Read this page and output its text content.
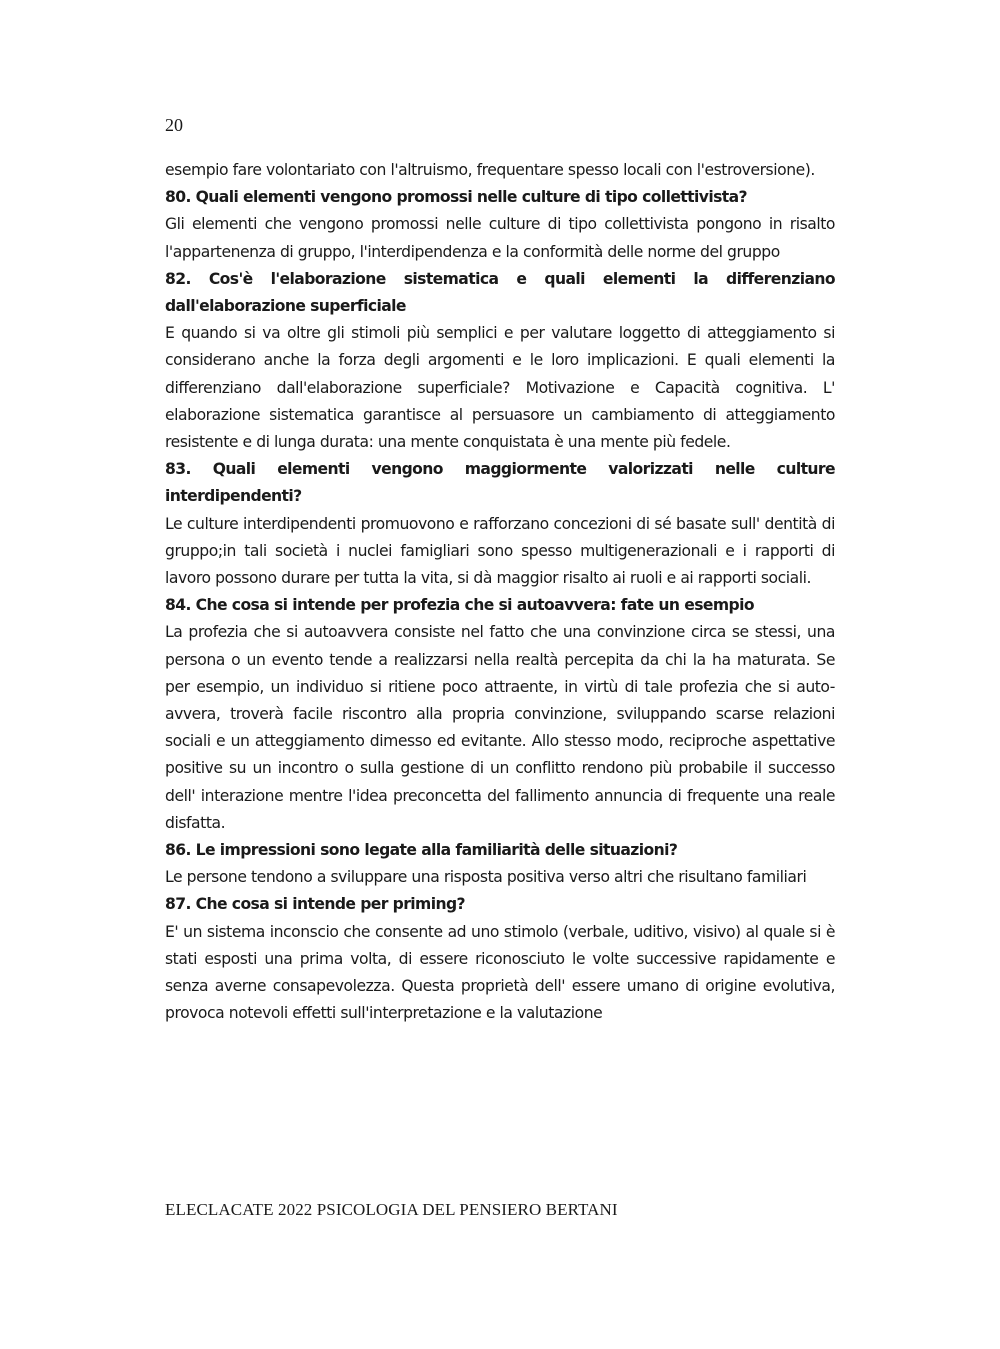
20

esempio fare volontariato con l'altruismo, frequentare spesso locali con l'estroversione).

80. Quali elementi vengono promossi nelle culture di tipo collettivista?

Gli elementi che vengono promossi nelle culture di tipo collettivista pongono in risalto l'appartenenza di gruppo, l'interdipendenza e la conformità delle norme del gruppo

82. Cos'è l'elaborazione sistematica e quali elementi la differenziano dall'elaborazione superficiale

E quando si va oltre gli stimoli più semplici e per valutare loggetto di atteggiamento si considerano anche la forza degli argomenti e le loro implicazioni. E quali elementi la differenziano dall'elaborazione superficiale? Motivazione e Capacità cognitiva. L' elaborazione sistematica garantisce al persuasore un cambiamento di atteggiamento resistente e di lunga durata: una mente conquistata è una mente più fedele.

83. Quali elementi vengono maggiormente valorizzati nelle culture interdipendenti?

Le culture interdipendenti promuovono e rafforzano concezioni di sé basate sull' dentità di gruppo;in tali società i nuclei famigliari sono spesso multigenerazionali e i rapporti di lavoro possono durare per tutta la vita, si dà maggior risalto ai ruoli e ai rapporti sociali.

84. Che cosa si intende per profezia che si autoavvera: fate un esempio

La profezia che si autoavvera consiste nel fatto che una convinzione circa se stessi, una persona o un evento tende a realizzarsi nella realtà percepita da chi la ha maturata. Se per esempio, un individuo si ritiene poco attraente, in virtù di tale profezia che si auto-avvera, troverà facile riscontro alla propria convinzione, sviluppando scarse relazioni sociali e un atteggiamento dimesso ed evitante. Allo stesso modo, reciproche aspettative positive su un incontro o sulla gestione di un conflitto rendono più probabile il successo dell' interazione mentre l'idea preconcetta del fallimento annuncia di frequente una reale disfatta.

86. Le impressioni sono legate alla familiarità delle situazioni?

Le persone tendono a sviluppare una risposta positiva verso altri che risultano familiari

87. Che cosa si intende per priming?

E' un sistema inconscio che consente ad uno stimolo (verbale, uditivo, visivo) al quale si è stati esposti una prima volta, di essere riconosciuto le volte successive rapidamente e senza averne consapevolezza. Questa proprietà dell' essere umano di origine evolutiva, provoca notevoli effetti sull'interpretazione e la valutazione

ELECLACATE 2022 PSICOLOGIA DEL PENSIERO BERTANI
